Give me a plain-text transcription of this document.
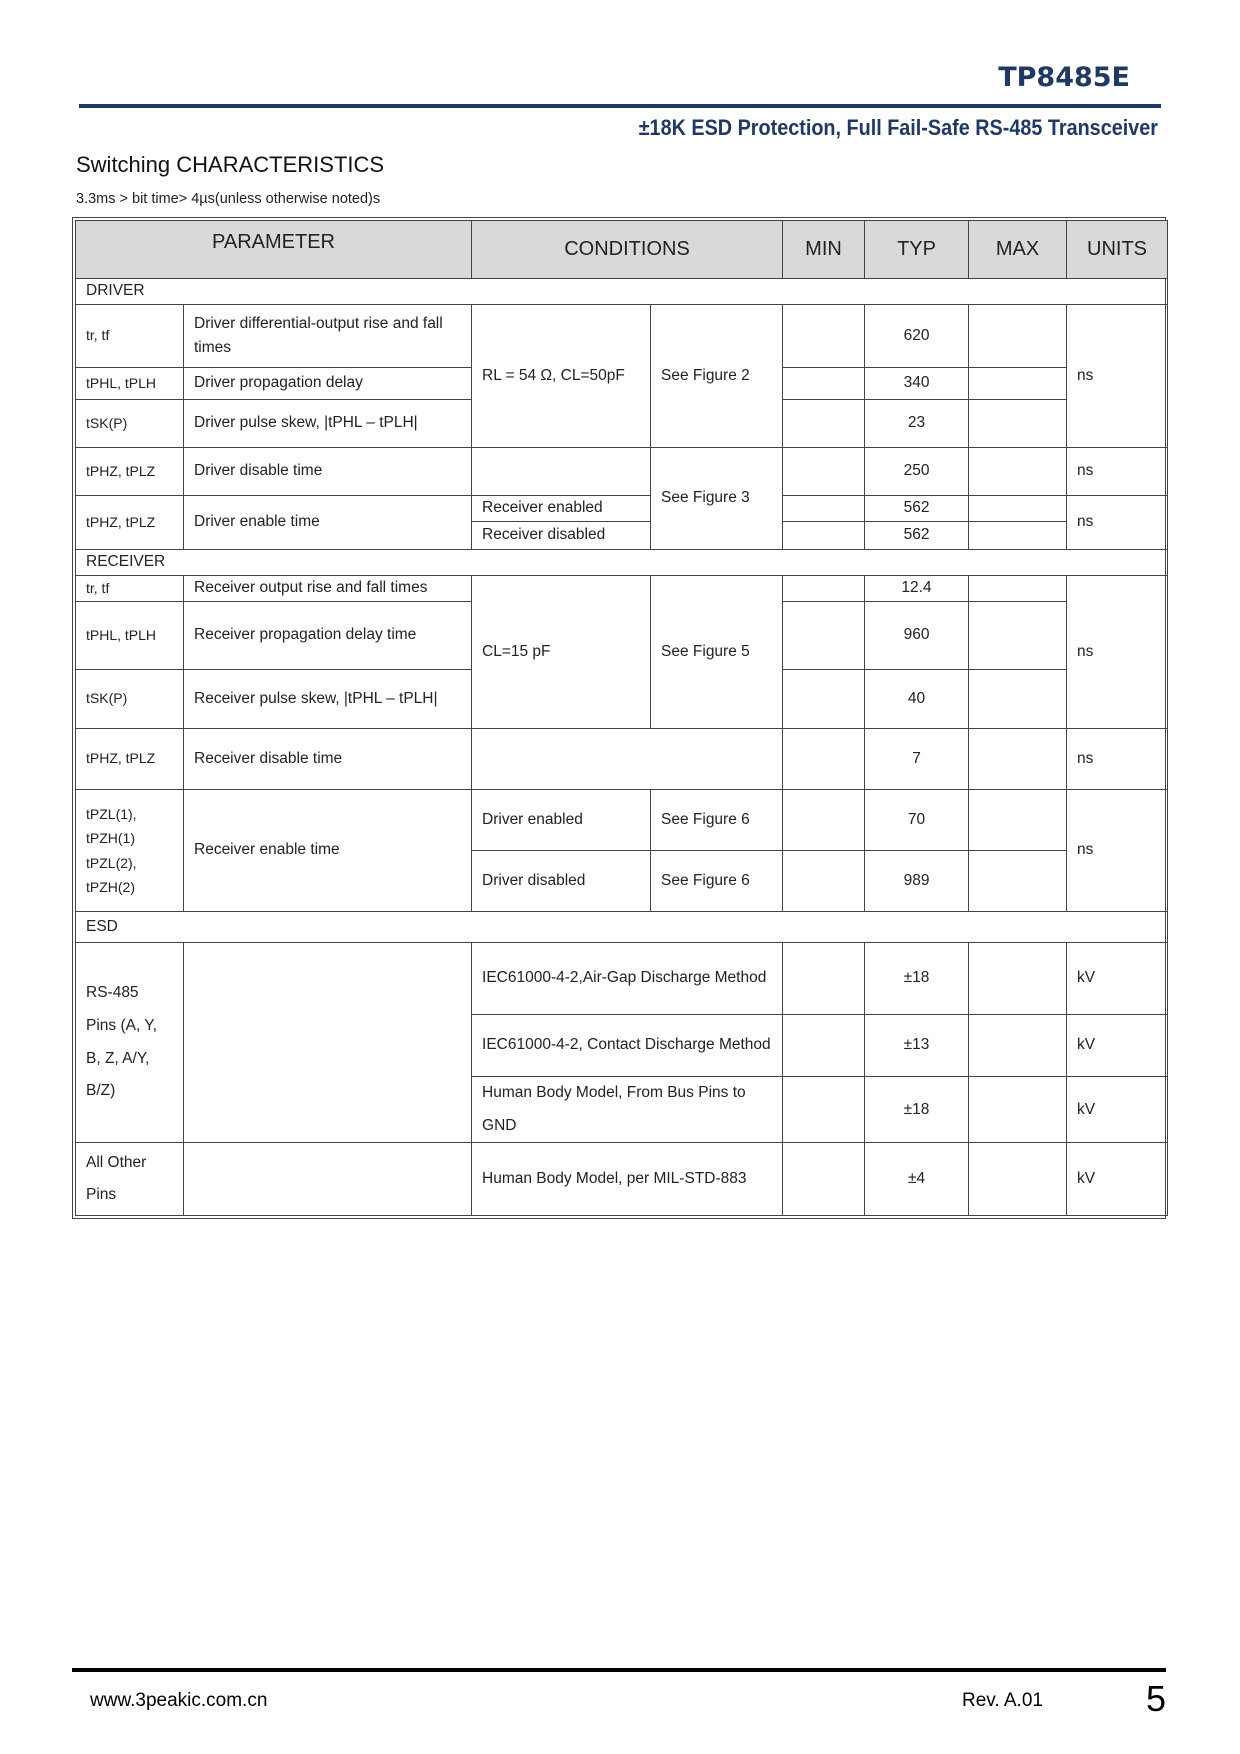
TP8485E
±18K ESD Protection, Full Fail-Safe RS-485 Transceiver
Switching CHARACTERISTICS
3.3ms > bit time> 4µs(unless otherwise noted)s
PARAMETER		CONDITIONS		MIN	TYP	MAX	UNITS
DRIVER							
tr, tf	Driver differential-output rise and fall times	RL = 54 Ω, CL=50pF	See Figure 2		620		ns
tPHL, tPLH	Driver propagation delay				340		
tSK(P)	Driver pulse skew, |tPHL – tPLH|				23		
tPHZ, tPLZ	Driver disable time		See Figure 3		250		ns
tPHZ, tPLZ	Driver enable time	Receiver enabled			562		ns
		Receiver disabled			562		
RECEIVER							
tr, tf	Receiver output rise and fall times	CL=15 pF	See Figure 5		12.4		ns
tPHL, tPLH	Receiver propagation delay time				960		
tSK(P)	Receiver pulse skew, |tPHL – tPLH|				40		
tPHZ, tPLZ	Receiver disable time				7		ns

tPZL(1),
tPZH(1)
tPZL(2),
tPZH(2)	Receiver enable time	Driver enabled	See Figure 6		70		ns
		Driver disabled	See Figure 6		989		
ESD							

RS-485
Pins (A, Y,
B, Z, A/Y,
B/Z)		IEC61000-4-2,Air-Gap Discharge Method			±18		kV
		IEC61000-4-2, Contact Discharge Method			±13		kV
		Human Body Model, From Bus Pins to GND			±18		kV

All Other
Pins		Human Body Model, per MIL-STD-883			±4		kV
www.3peakic.com.cn	Rev. A.01	5
